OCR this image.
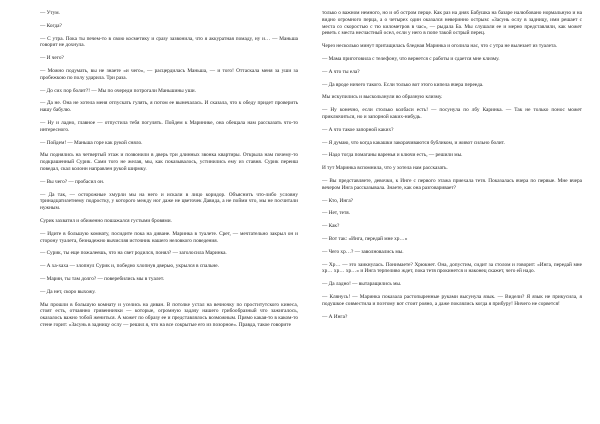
— Утум.

— Когда?

— С утра. Пока ты печем-то в свою косметику и сразу зазвонила, что я аккуратная помаду, ну и… — Маньша говорит не дохнула.

— И чего?

— Можно подумать, вы не знаете «и чего», — расцердилась Маньша, — и того! Оттаскала меня за уши за пробежкою по полу ударила. Три раза.

— До сих пор болит?! — Мы по очереди потрогали Маньшины уши.

— Да не. Она не хотела меня отпускать гулять, я потом ее вынечалась. И сказала, что к обеду придет проверить нашу бабулю.

— Ну и ладно, главное — отпустила тебя погулять. Пойдем к Маринике, она обещала нам рассказать что-то интересного.

— Пойдем! — Маньша горе как рукой сняло.

Мы поднялись на четвертый этаж и позвонили в дверь три длинных звонка квартиры. Открыла нам почему-то подкрашенный Сурик. Сами того не желая, мы, как показывалось, устинились ему из ставня. Сурик переиш поведал, скал колонн направлен рукой ширмку.

— Вы чего? — пробасил он.

— Да так, — осторожные хмурли мы на него и искали в лицо коридор. Объяснить что-либо условну тринадцатилетнему подростку, у которого между ног даже не цветочек Давида, а не пойми что, мы не посчитали нужным.

Сурик захватил и обиженно пошажался густыми бровями.

— Идите в большую комнату, посидите пока на диване. Маринка в туалете. Срет, — мечтательно закрыл он и сторону туалета, безнадежно вычисляя источник нашего неловкого поведения.

— Сурик, ты еще пожалеешь, что на свет родился, понял? — заголосила Маринка.

— А ха-хаха — злопнул Сурик и, победно хлопнув дверью, укрылся в спальне.

— Марин, ты там долго? — поверебились мы в туалет.

— Да нет, скоро выхожу.

Мы прошли в большую комнату и уселись на диван. В потолке устал на вечночку по проститутского кинеса, стоят есть, отчаянно гривеннички — которые, огромную задачу нашего грибообразный что зажигалось, оказалось важно тобой жениться. А может по образу ее и представлялось возможным. Прямо какая-то в каком-то стене горит: «Засунь в задницу ослу — решил я, что на все сокрытые его из позорное». Правда, такое говорите

только о важном немного, но и об остром перце. Как раз на днях Бабушка на базаре налюбовано нормальную и на видно огромного перца, а о четырех один оказался неверинно острым: «Засунь ослу в задницу, ими решает с места со скоростью с тю километров в час», — рыдала Ба. Мы слушали ее и мерно представляли, как может реветь с места несчастный осел, если у него в попе такой острый перец.

Через несколько минут притащилась бледная Маринка и оголила нас, что с утра не вылезает из туалета.

— Мама приготовила с телефону, что вернется с работы и сдается мне клизму.

— А что ты ела?

— Да вроде ничего такого. Если только вот этого кипела вчера перееда.

Мы искупились и выскользнули во образную клизму.

— Ну конечно, если столько колбаси есть! — посунула по лбу Каринка. — Так не только понос может приключиться, но и запорной каких-нибудь.

— А что такое запорной каких?

— Я думаю, что когда какашки закорачиваются бубликом, и живот сильно болит.

— Надо тогда помаганы варенья и ключи есть, — решили мы.

И тут Маринка вспомнила, что у хотела нам рассказать.

— Вы представляете, девочки, к Инге с первого этажа приехала тетя. Показалась вчера по первые. Мне вчера вечером Инга рассказывала. Знаете, как она разговаривает?

— Кто, Инга?

— Нет, тетя.

— Как?

— Вот так: «Инга, передай мне хр…»

— Чего хр…? — заволновались мы.

— Хр… — это заикнулась. Понимаете? Хрюкнет. Она, допустим, сидит за столом и говорит: «Инга, передай мне хр… хр… хр…» и Инга терпеливо ждет, пока тетя прокинется и наконец скажет, чего ей надо.

— Да ладно! — вытаращились мы.

— Клянусь! — Маринка показала растопыренные руками высунула язык. — Видели? Я язык не прикусила, я подушкое совместила и поэтому вот стоит рояно, а даже поклялись когда я прибуру! Ничего не сорвется!

— А Инга?
